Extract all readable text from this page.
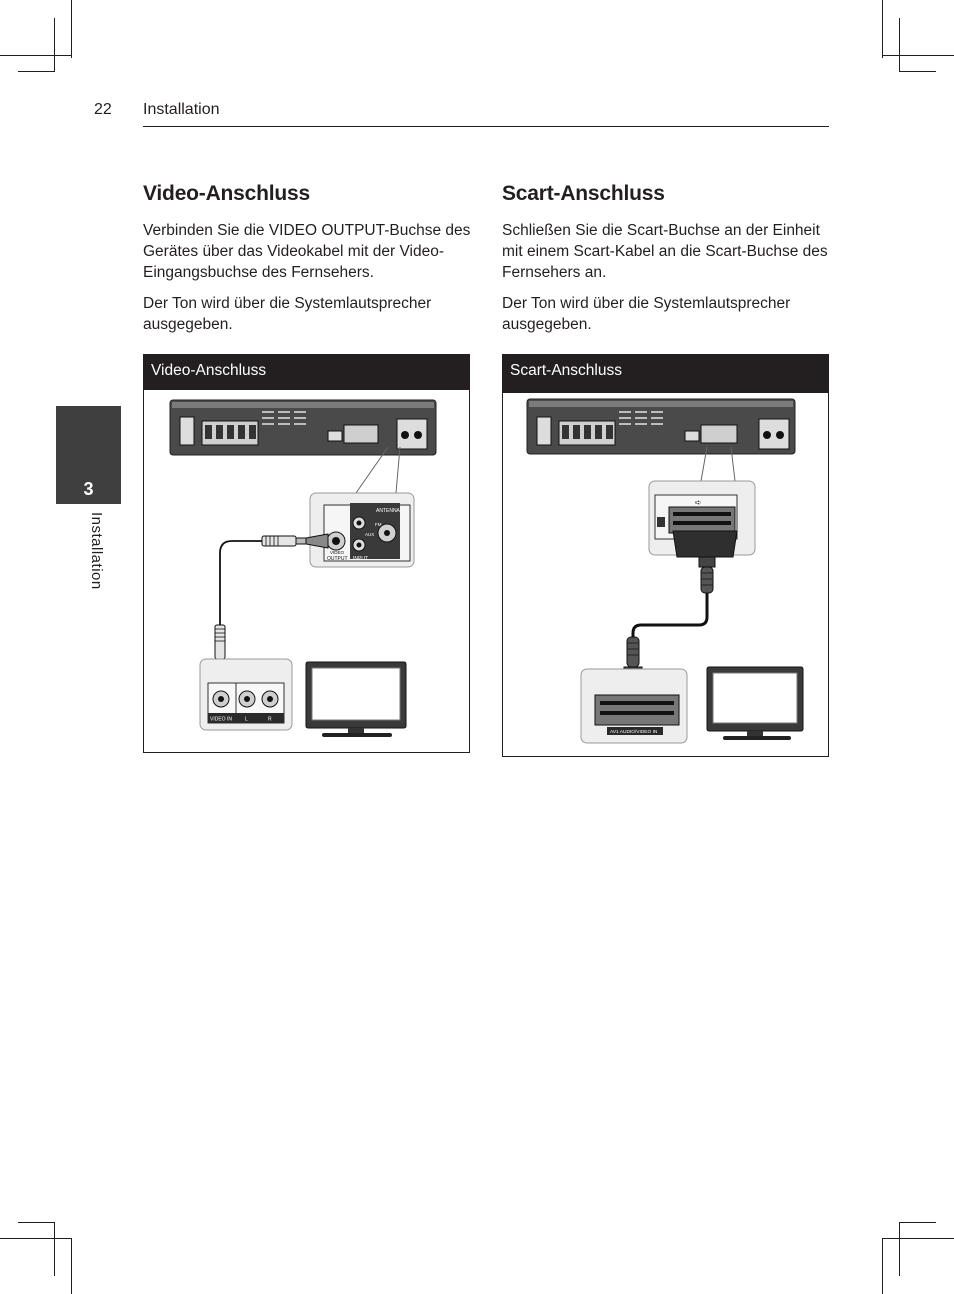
22 Installation
3
Installation
Video-Anschluss

Verbinden Sie die VIDEO OUTPUT-Buchse des Gerätes über das Videokabel mit der Video-Eingangsbuchse des Fernsehers.

Der Ton wird über die Systemlautsprecher ausgegeben.

Scart-Anschluss

Schließen Sie die Scart-Buchse an der Einheit mit einem Scart-Kabel an die Scart-Buchse des Fernsehers an.

Der Ton wird über die Systemlautsprecher ausgegeben.

Video-Anschluss
ANTENNA
FM
AUX
VIDEO
OUTPUT INPUT
VIDEO IN	L	R
Scart-Anschluss
➪
AV1 AUDIO/VIDEO IN
